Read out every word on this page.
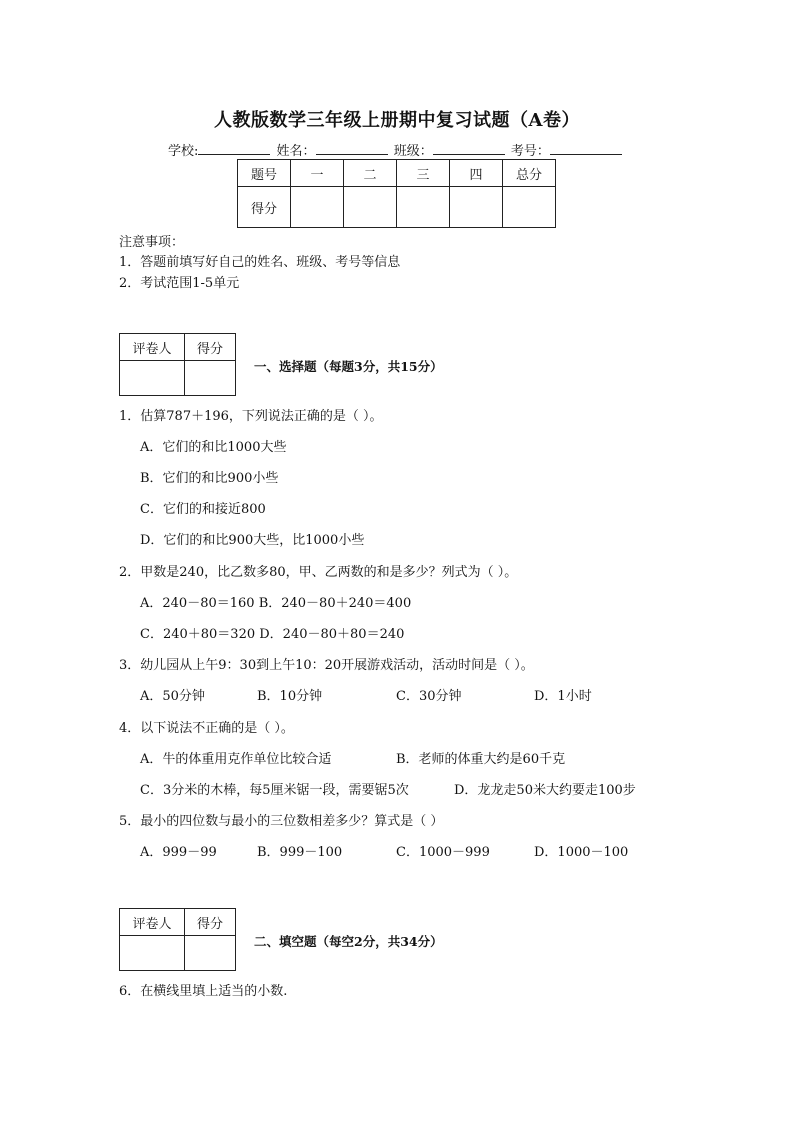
人教版数学三年级上册期中复习试题（A卷）
学校:	姓名：	班级：	考号：
题号	一	二	三	四	总分
得分					
注意事项：
1．答题前填写好自己的姓名、班级、考号等信息
2．考试范围1-5单元
评卷人	得分

一、选择题（每题3分，共15分）
1．估算787＋196，下列说法正确的是（ ）。
A．它们的和比1000大些
B．它们的和比900小些
C．它们的和接近800
D．它们的和比900大些，比1000小些
2．甲数是240，比乙数多80，甲、乙两数的和是多少？列式为（ ）。
A．240－80＝160 B．240－80＋240＝400
C．240＋80＝320 D．240－80＋80＝240
3．幼儿园从上午9：30到上午10：20开展游戏活动，活动时间是（ ）。
A．50分钟	B．10分钟	C．30分钟	D．1小时
4．以下说法不正确的是（ ）。
A．牛的体重用克作单位比较合适	B．老师的体重大约是60千克
C．3分米的木棒，每5厘米锯一段，需要锯5次	D．龙龙走50米大约要走100步
5．最小的四位数与最小的三位数相差多少？算式是（ ）
A．999－99	B．999－100	C．1000－999	D．1000－100
评卷人	得分

二、填空题（每空2分，共34分）
6．在横线里填上适当的小数.
